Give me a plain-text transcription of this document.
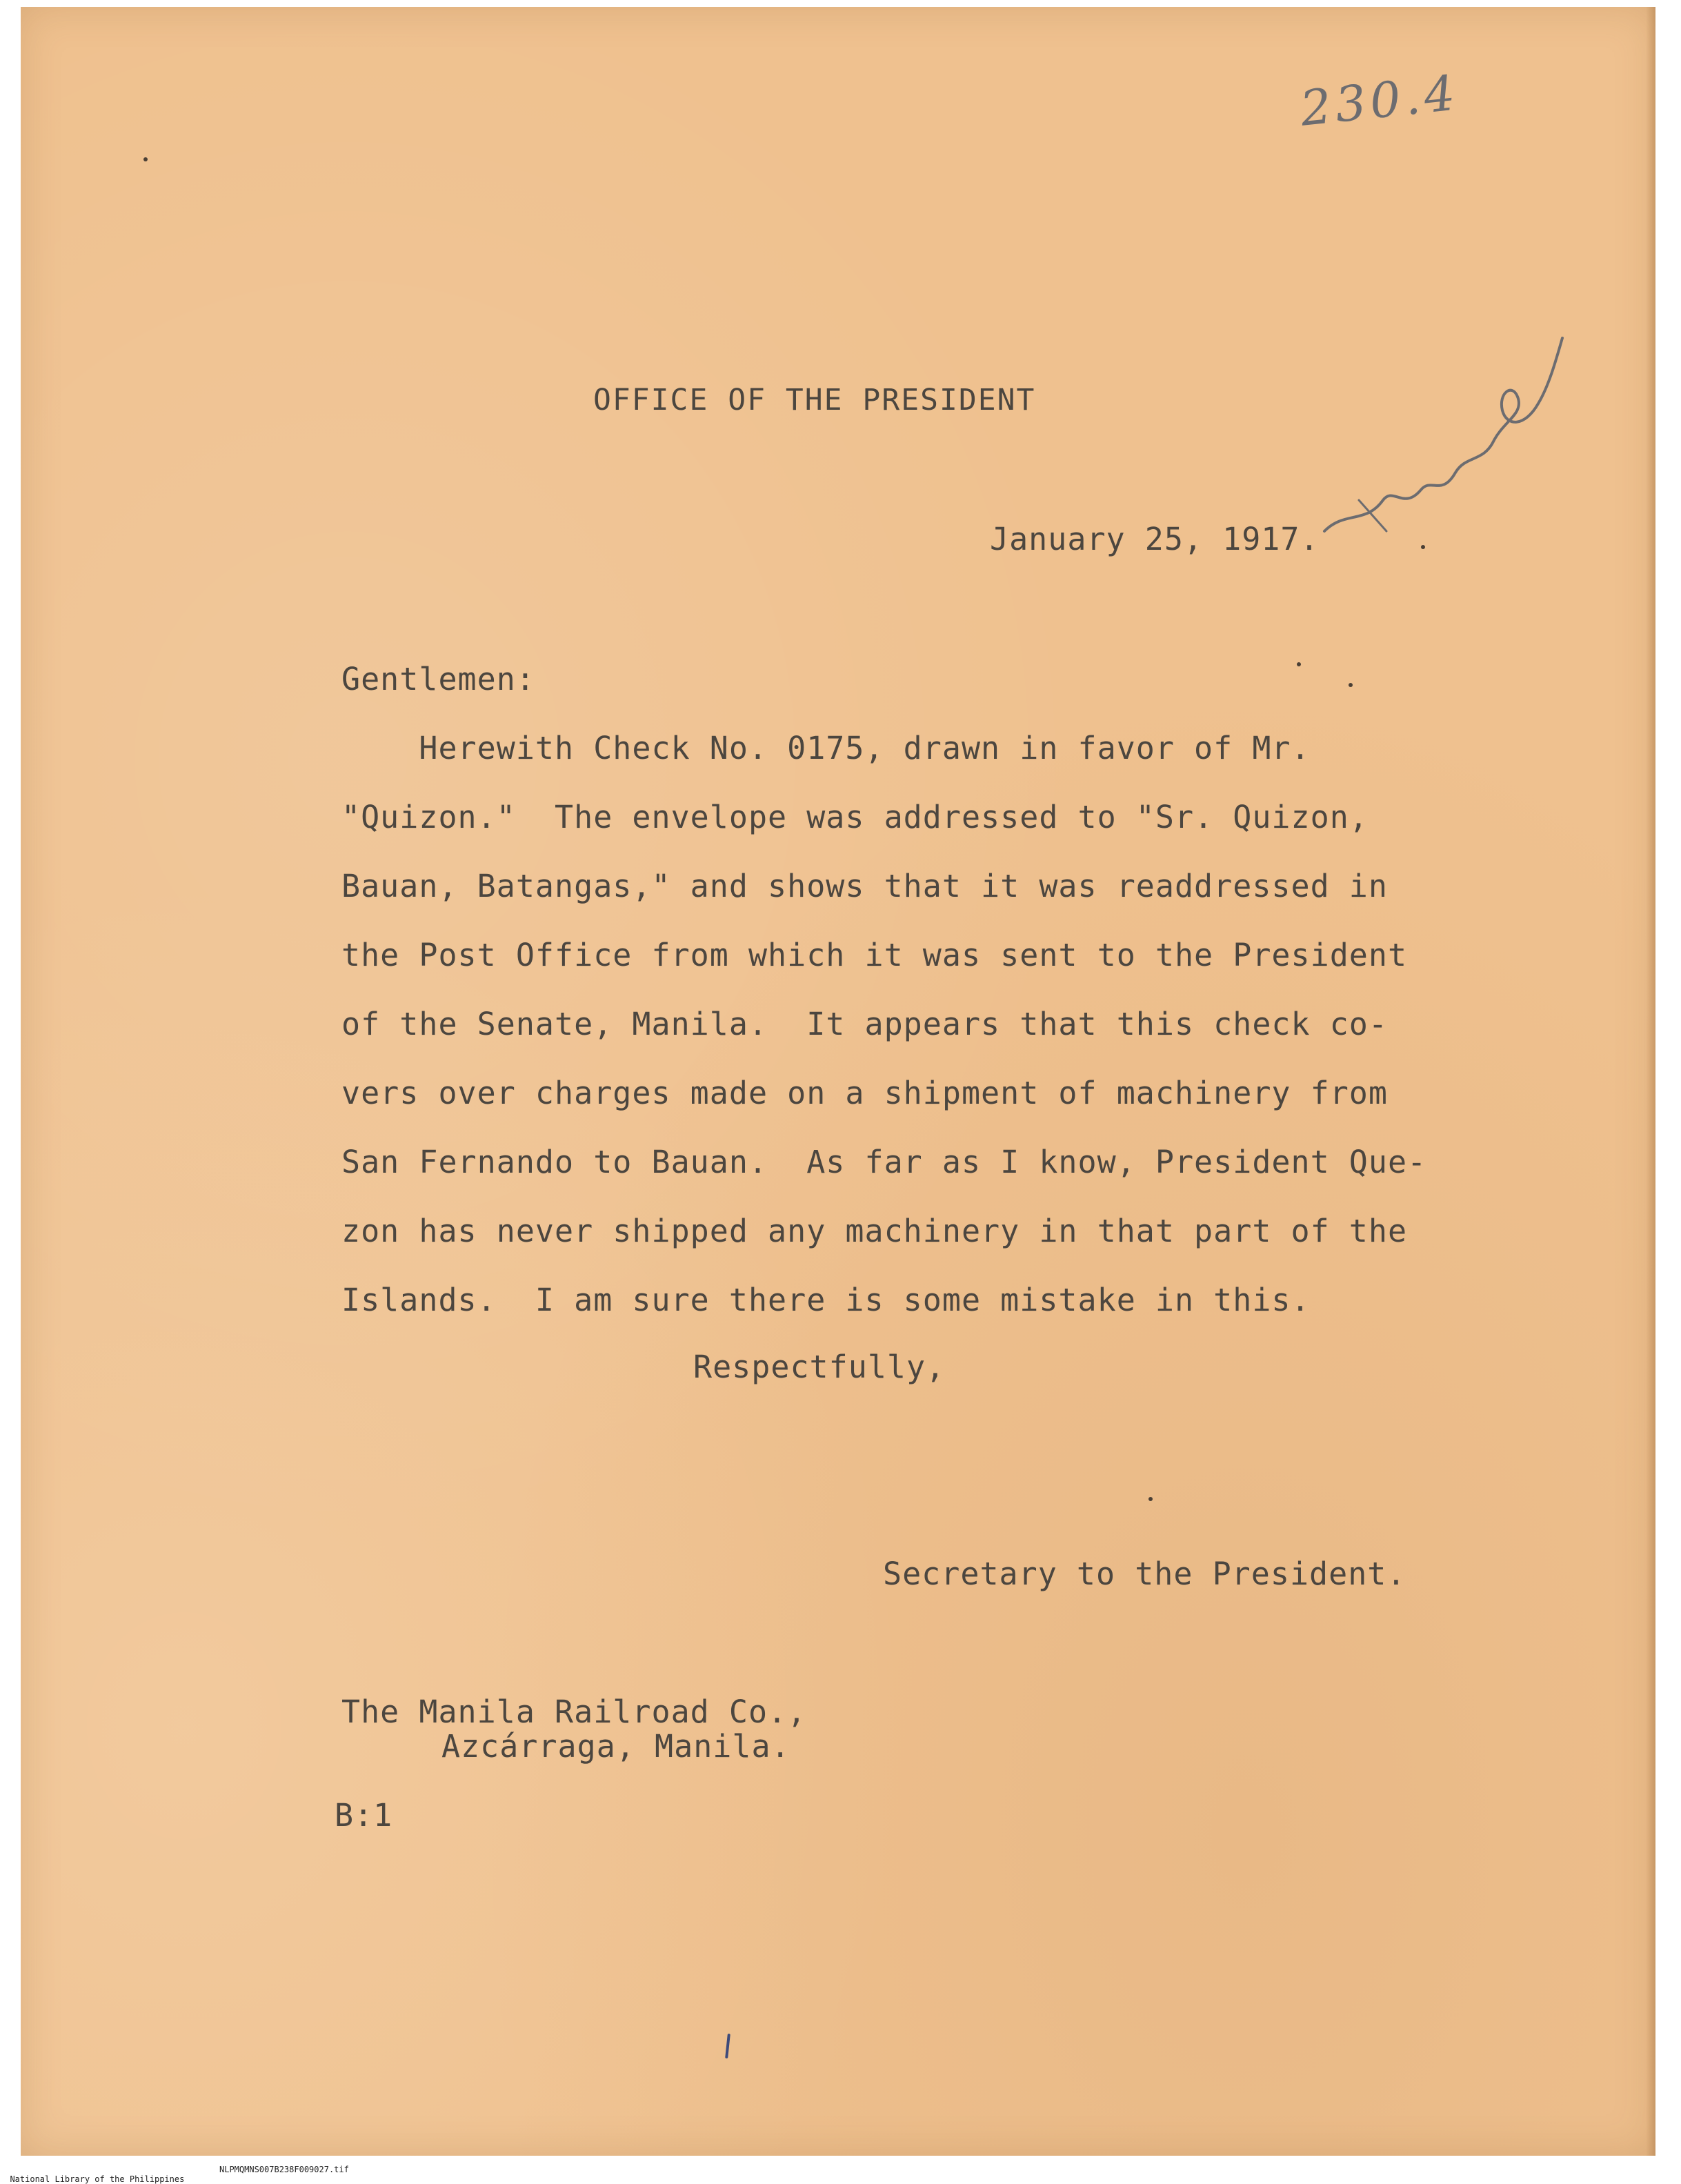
230.4
OFFICE OF THE PRESIDENT
January 25, 1917.
Gentlemen:
Herewith Check No. 0175, drawn in favor of Mr.
"Quizon."  The envelope was addressed to "Sr. Quizon,
Bauan, Batangas," and shows that it was readdressed in
the Post Office from which it was sent to the President
of the Senate, Manila.  It appears that this check co-
vers over charges made on a shipment of machinery from
San Fernando to Bauan.  As far as I know, President Que-
zon has never shipped any machinery in that part of the
Islands.  I am sure there is some mistake in this.
Respectfully,
Secretary to the President.
The Manila Railroad Co.,
Azcárraga, Manila.
B:1

National Library of the Philippines

NLPMQMNS007B238F009027.tif
